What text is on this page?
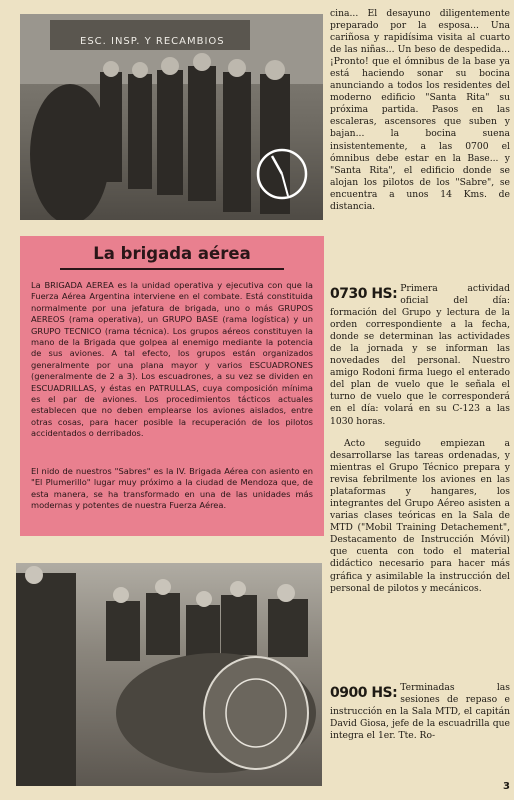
ESC. INSP. Y RECAMBIOS
La brigada aérea

La BRIGADA AEREA es la unidad operativa y ejecutiva con que la Fuerza Aérea Argentina interviene en el combate. Está constituida normalmente por una jefatura de brigada, uno o más GRUPOS AEREOS (rama operativa), un GRUPO BASE (rama logística) y un GRUPO TECNICO (rama técnica). Los grupos aéreos constituyen la mano de la Brigada que golpea al enemigo mediante la potencia de sus aviones. A tal efecto, los grupos están organizados generalmente por una plana mayor y varios ESCUADRONES (generalmente de 2 a 3). Los escuadrones, a su vez se dividen en ESCUADRILLAS, y éstas en PATRULLAS, cuya composición mínima es el par de aviones. Los procedimientos tácticos actuales establecen que no deben emplearse los aviones aislados, entre otras cosas, para hacer posible la recuperación de los pilotos accidentados o derribados.

El nido de nuestros "Sabres" es la IV. Brigada Aérea con asiento en "El Plumerillo" lugar muy próximo a la ciudad de Mendoza que, de esta manera, se ha transformado en una de las unidades más modernas y potentes de nuestra Fuerza Aérea.

cina... El desayuno diligentemente preparado por la esposa... Una cariñosa y rapidísima visita al cuarto de las niñas... Un beso de despedida... ¡Pronto! que el ómnibus de la base ya está haciendo sonar su bocina anunciando a todos los residentes del moderno edificio "Santa Rita" su próxima partida. Pasos en las escaleras, ascensores que suben y bajan... la bocina suena insistentemente, a las 0700 el ómnibus debe estar en la Base... y "Santa Rita", el edificio donde se alojan los pilotos de los "Sabre", se encuentra a unos 14 Kms. de distancia.

0730 HS: Primera actividad oficial del día: formación del Grupo y lectura de la orden correspondiente a la fecha, donde se determinan las actividades de la jornada y se informan las novedades del personal. Nuestro amigo Rodoni firma luego el enterado del plan de vuelo que le señala el turno de vuelo que le corresponderá en el día: volará en su C-123 a las 1030 horas.

Acto seguido empiezan a desarrollarse las tareas ordenadas, y mientras el Grupo Técnico prepara y revisa febrilmente los aviones en las plataformas y hangares, los integrantes del Grupo Aéreo asisten a varias clases teóricas en la Sala de MTD ("Mobil Training Detachement", Destacamento de Instrucción Móvil) que cuenta con todo el material didáctico necesario para hacer más gráfica y asimilable la instrucción del personal de pilotos y mecánicos.

0900 HS: Terminadas las sesiones de repaso e instrucción en la Sala MTD, el capitán David Giosa, jefe de la escuadrilla que integra el 1er. Tte. Ro-
3
